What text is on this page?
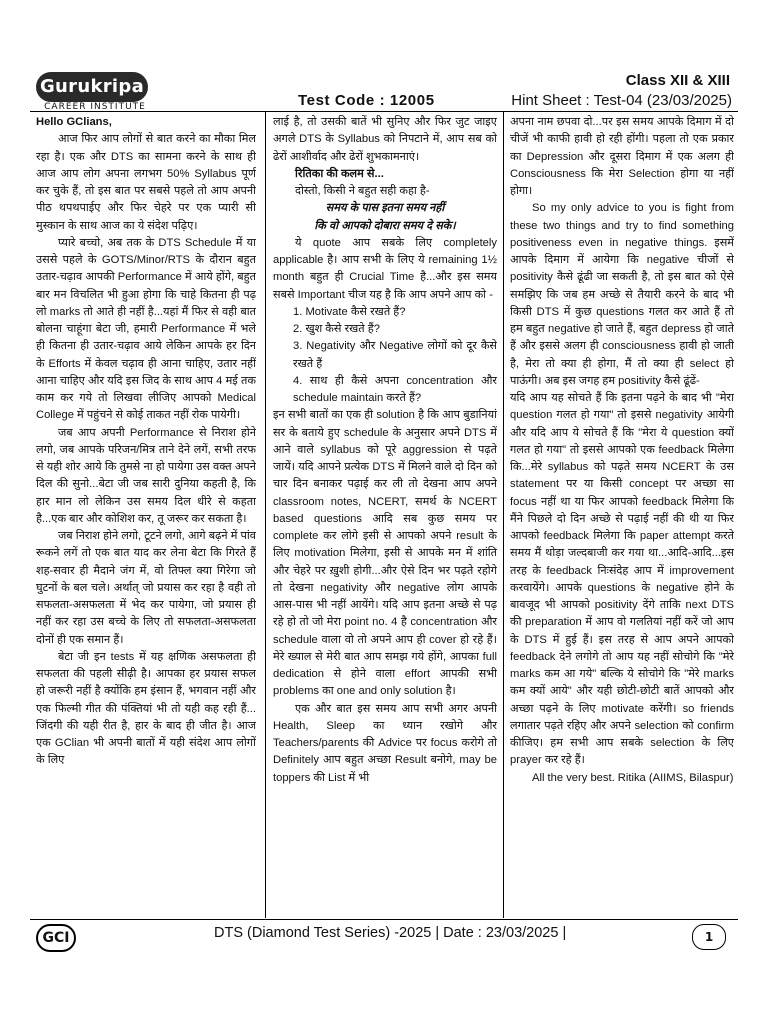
Gurukripa
CAREER INSTITUTE
Class XII & XIII
Test Code : 12005	Hint Sheet : Test-04 (23/03/2025)

Hello GClians,

आज फिर आप लोगों से बात करने का मौका मिल रहा है। एक और DTS का सामना करने के साथ ही आज आप लोग अपना लगभग 50% Syllabus पूर्ण कर चुके हैं, तो इस बात पर सबसे पहले तो आप अपनी पीठ थपथपाईए और फिर चेहरे पर एक प्यारी सी मुस्कान के साथ आज का ये संदेश पढ़िए।

प्यारे बच्चो, अब तक के DTS Schedule में या उससे पहले के GOTS/Minor/RTS के दौरान बहुत उतार-चढ़ाव आपकी Performance में आये होंगे, बहुत बार मन विचलित भी हुआ होगा कि चाहे कितना ही पढ़ लो marks तो आते ही नहीं है...यहां मैं फिर से वही बात बोलना चाहूंगा बेटा जी, हमारी Performance में भले ही कितना ही उतार-चढ़ाव आये लेकिन आपके हर दिन के Efforts में केवल चढ़ाव ही आना चाहिए, उतार नहीं आना चाहिए और यदि इस जिद के साथ आप 4 मई तक काम कर गये तो लिखवा लीजिए आपको Medical College में पहुंचने से कोई ताकत नहीं रोक पायेगी।

जब आप अपनी Performance से निराश होने लगो, जब आपके परिजन/मित्र ताने देने लगें, सभी तरफ से यही शोर आये कि तुमसे ना हो पायेगा उस वक्त अपने दिल की सुनो...बेटा जी जब सारी दुनिया कहती है, कि हार मान लो लेकिन उस समय दिल धीरे से कहता है...एक बार और कोशिश कर, तू जरूर कर सकता है।

जब निराश होने लगो, टूटने लगो, आगे बढ़ने में पांव रूकने लगें तो एक बात याद कर लेना बेटा कि गिरते हैं शह-सवार ही मैदाने जंग में, वो तिफ्ल क्या गिरेगा जो घुटनों के बल चले। अर्थात् जो प्रयास कर रहा है वही तो सफलता-असफलता में भेद कर पायेगा, जो प्रयास ही नहीं कर रहा उस बच्चे के लिए तो सफलता-असफलता दोनों ही एक समान हैं।

बेटा जी इन tests में यह क्षणिक असफलता ही सफलता की पहली सीढ़ी है। आपका हर प्रयास सफल हो जरूरी नहीं है क्योंकि हम इंसान हैं, भगवान नहीं और एक फिल्मी गीत की पंक्तियां भी तो यही कह रही हैं... जिंदगी की यही रीत है, हार के बाद ही जीत है। आज एक GClian भी अपनी बातों में यही संदेश आप लोगों के लिए

लाई है, तो उसकी बातें भी सुनिए और फिर जुट जाइए अगले DTS के Syllabus को निपटाने में, आप सब को ढेरों आशीर्वाद और ढेरों शुभकामनाएं।

रितिका की कलम से...

दोस्तो, किसी ने बहुत सही कहा है-

समय के पास इतना समय नहीं

कि वो आपको दोबारा समय दे सके।

ये quote आप सबके लिए completely applicable है। आप सभी के लिए ये remaining 1½ month बहुत ही Crucial Time है...और इस समय सबसे Important चीज यह है कि आप अपने आप को -

1. Motivate कैसे रखते हैं?

2. खुश कैसे रखते हैं?

3. Negativity और Negative लोगों को दूर कैसे रखते हैं

4. साथ ही कैसे अपना concentration और schedule maintain करते हैं?

इन सभी बातों का एक ही solution है कि आप बुडानियां सर के बताये हुए schedule के अनुसार अपने DTS में आने वाले syllabus को पूरे aggression से पढ़ते जायें। यदि आपने प्रत्येक DTS में मिलने वाले दो दिन को चार दिन बनाकर पढ़ाई कर ली तो देखना आप अपने classroom notes, NCERT, समर्थ के NCERT based questions आदि सब कुछ समय पर complete कर लोगे इसी से आपको अपने result के लिए motivation मिलेगा, इसी से आपके मन में शांति और चेहरे पर ख़ुशी होगी...और ऐसे दिन भर पढ़ते रहोगे तो देखना negativity और negative लोग आपके आस-पास भी नहीं आयेंगे। यदि आप इतना अच्छे से पढ़ रहे हो तो जो मेरा point no. 4 है concentration और schedule वाला वो तो अपने आप ही cover हो रहे हैं। मेरे ख्याल से मेरी बात आप समझ गये होंगे, आपका full dedication से होने वाला effort आपकी सभी problems का one and only solution है।

एक और बात इस समय आप सभी अगर अपनी Health, Sleep का ध्यान रखोगे और Teachers/parents की Advice पर focus करोगे तो Definitely आप बहुत अच्छा Result बनोगे, may be toppers की List में भी

अपना नाम छपवा दो...पर इस समय आपके दिमाग में दो चीजें भी काफी हावी हो रही होंगी। पहला तो एक प्रकार का Depression और दूसरा दिमाग में एक अलग ही Consciousness कि मेरा Selection होगा या नहीं होगा।

So my only advice to you is fight from these two things and try to find something positiveness even in negative things. इसमें आपके दिमाग में आयेगा कि negative चीजों से positivity कैसे ढूंढी जा सकती है, तो इस बात को ऐसे समझिए कि जब हम अच्छे से तैयारी करने के बाद भी किसी DTS में कुछ questions गलत कर आते हैं तो हम बहुत negative हो जाते हैं, बहुत depress हो जाते हैं और इससे अलग ही consciousness हावी हो जाती है, मेरा तो क्या ही होगा, मैं तो क्या ही select हो पाऊंगी। अब इस जगह हम positivity कैसे ढूंढें-

यदि आप यह सोचते हैं कि इतना पढ़ने के बाद भी "मेरा question गलत हो गया" तो इससे negativity आयेगी और यदि आप ये सोचते हैं कि "मेरा ये question क्यों गलत हो गया" तो इससे आपको एक feedback मिलेगा कि...मेरे syllabus को पढ़ते समय NCERT के उस statement पर या किसी concept पर अच्छा सा focus नहीं था या फिर आपको feedback मिलेगा कि मैंने पिछले दो दिन अच्छे से पढ़ाई नहीं की थी या फिर आपको feedback मिलेगा कि paper attempt करते समय मैं थोड़ा जल्दबाजी कर गया था...आदि-आदि...इस तरह के feedback निःसंदेह आप में improvement करवायेंगे। आपके questions के negative होने के बावजूद भी आपको positivity देंगे ताकि next DTS की preparation में आप वो गलतियां नहीं करें जो आप के DTS में हुई हैं। इस तरह से आप अपने आपको feedback देने लगोगे तो आप यह नहीं सोचोगे कि "मेरे marks कम आ गये" बल्कि ये सोचोगे कि "मेरे marks कम क्यों आये" और यही छोटी-छोटी बातें आपको और अच्छा पढ़ने के लिए motivate करेंगी। so friends लगातार पढ़ते रहिए और अपने selection को confirm कीजिए। हम सभी आप सबके selection के लिए prayer कर रहे हैं।

All the very best. Ritika (AIIMS, Bilaspur)

GCI	DTS (Diamond Test Series) -2025 | Date : 23/03/2025 |	1
